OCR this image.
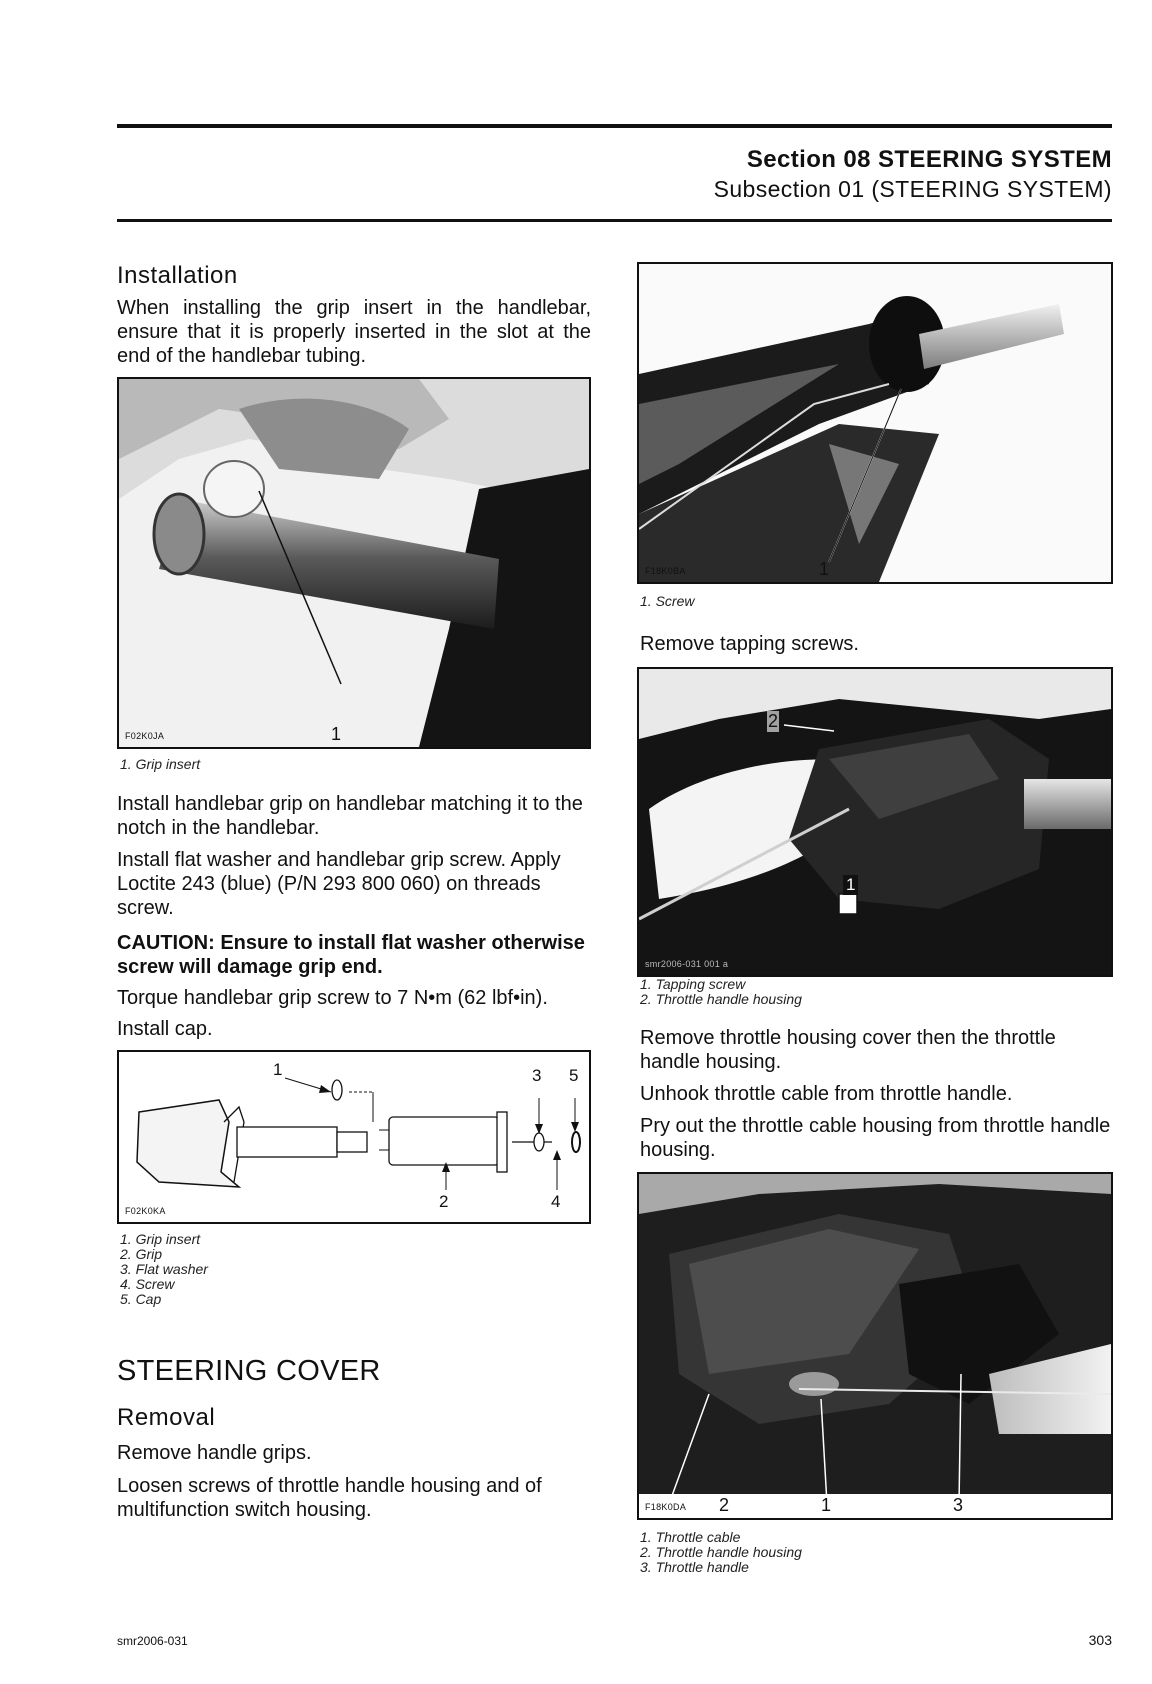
Section 08 STEERING SYSTEM
Subsection 01 (STEERING SYSTEM)
Installation
When installing the grip insert in the handlebar, ensure that it is properly inserted in the slot at the end of the handlebar tubing.
F02K0JA	1
1. Grip insert
Install handlebar grip on handlebar matching it to the notch in the handlebar.
Install flat washer and handlebar grip screw. Apply Loctite 243 (blue) (P/N 293 800 060) on threads screw.
CAUTION: Ensure to install flat washer otherwise screw will damage grip end.
Torque handlebar grip screw to 7 N•m (62 lbf•in).
Install cap.
1
2
3
4
5
F02K0KA
1. Grip insert
2. Grip
3. Flat washer
4. Screw
5. Cap
STEERING COVER
Removal
Remove handle grips.
Loosen screws of throttle handle housing and of multifunction switch housing.
F18K0BA	1
1. Screw
Remove tapping screws.
2
1
smr2006-031 001 a
1. Tapping screw
2. Throttle handle housing
Remove throttle housing cover then the throttle handle housing.
Unhook throttle cable from throttle handle.
Pry out the throttle cable housing from throttle handle housing.
F18K0DA 2	1	3
1. Throttle cable
2. Throttle handle housing
3. Throttle handle
smr2006-031	303
